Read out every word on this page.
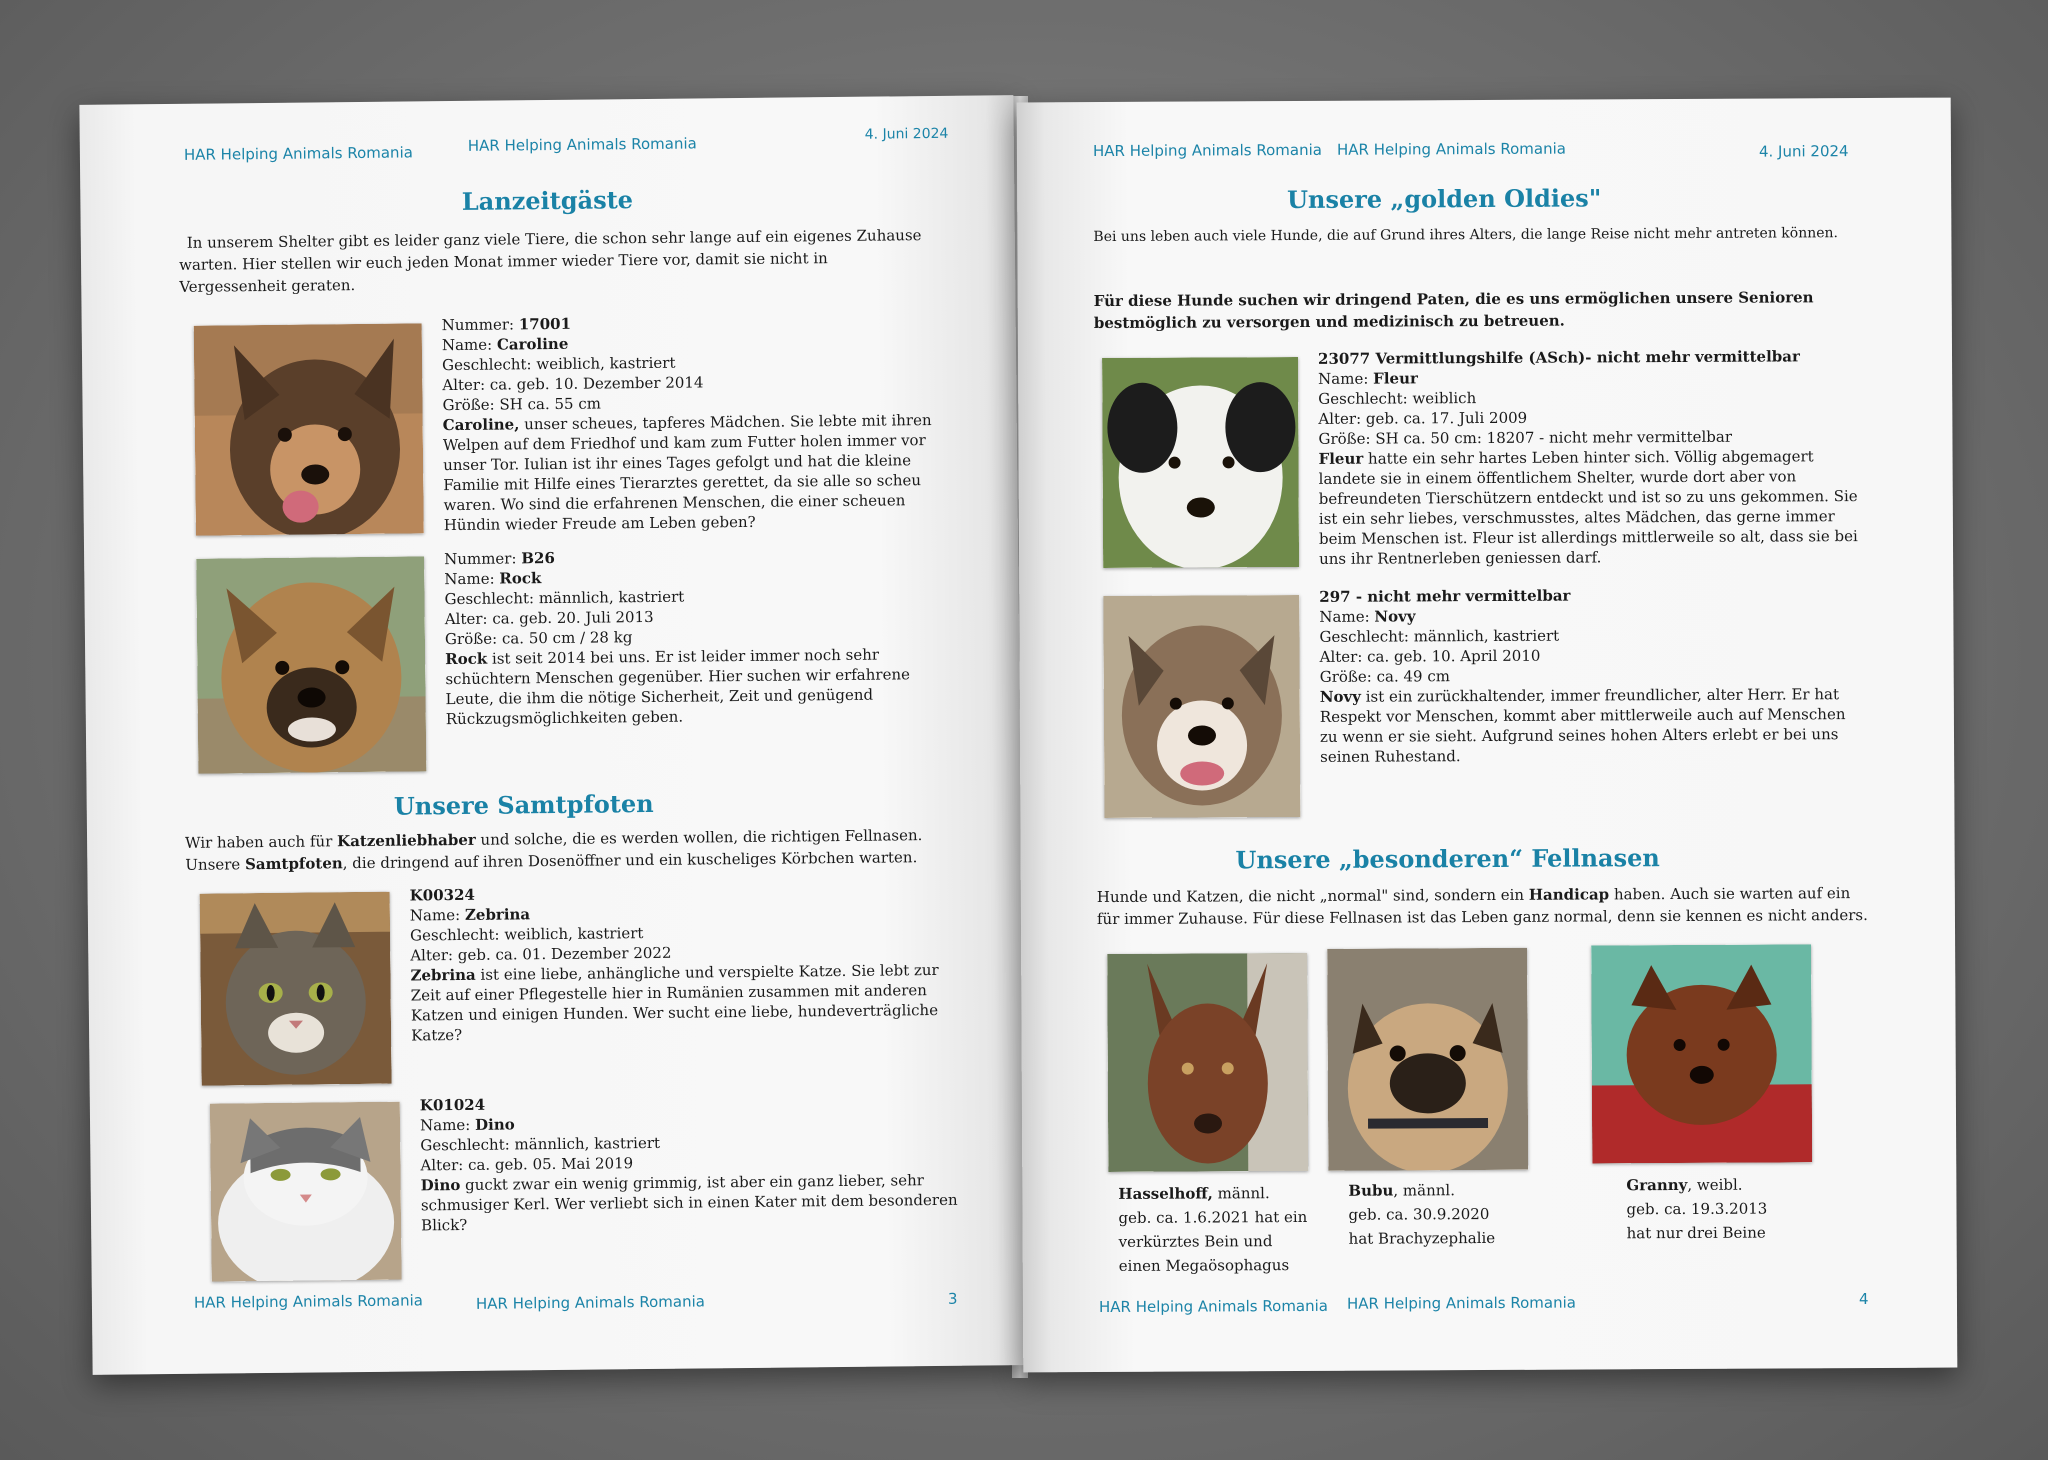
HAR Helping Animals Romania	HAR Helping Animals Romania
4. Juni 2024
Lanzeitgäste
In unserem Shelter gibt es leider ganz viele Tiere, die schon sehr lange auf ein eigenes Zuhause warten. Hier stellen wir euch jeden Monat immer wieder Tiere vor, damit sie nicht in Vergessenheit geraten.
Nummer: 17001
Name: Caroline
Geschlecht: weiblich, kastriert
Alter: ca. geb. 10. Dezember 2014
Größe: SH ca. 55 cm
Caroline, unser scheues, tapferes Mädchen. Sie lebte mit ihren Welpen auf dem Friedhof und kam zum Futter holen immer vor unser Tor. Iulian ist ihr eines Tages gefolgt und hat die kleine Familie mit Hilfe eines Tierarztes gerettet, da sie alle so scheu waren. Wo sind die erfahrenen Menschen, die einer scheuen Hündin wieder Freude am Leben geben?
Nummer: B26
Name: Rock
Geschlecht: männlich, kastriert
Alter: ca. geb. 20. Juli 2013
Größe: ca. 50 cm / 28 kg
Rock ist seit 2014 bei uns. Er ist leider immer noch sehr schüchtern Menschen gegenüber. Hier suchen wir erfahrene Leute, die ihm die nötige Sicherheit, Zeit und genügend Rückzugsmöglichkeiten geben.
Unsere Samtpfoten
Wir haben auch für Katzenliebhaber und solche, die es werden wollen, die richtigen Fellnasen. Unsere Samtpfoten, die dringend auf ihren Dosenöffner und ein kuscheliges Körbchen warten.
K00324
Name: Zebrina
Geschlecht: weiblich, kastriert
Alter: geb. ca. 01. Dezember 2022
Zebrina ist eine liebe, anhängliche und verspielte Katze. Sie lebt zur Zeit auf einer Pflegestelle hier in Rumänien zusammen mit anderen Katzen und einigen Hunden. Wer sucht eine liebe, hundeverträgliche Katze?
K01024
Name: Dino
Geschlecht: männlich, kastriert
Alter: ca. geb. 05. Mai 2019
Dino guckt zwar ein wenig grimmig, ist aber ein ganz lieber, sehr schmusiger Kerl. Wer verliebt sich in einen Kater mit dem besonderen Blick?
HAR Helping Animals Romania	HAR Helping Animals Romania	3
HAR Helping Animals Romania HAR Helping Animals Romania	4. Juni 2024
Unsere „golden Oldies"
Bei uns leben auch viele Hunde, die auf Grund ihres Alters, die lange Reise nicht mehr antreten können.
Für diese Hunde suchen wir dringend Paten, die es uns ermöglichen unsere Senioren bestmöglich zu versorgen und medizinisch zu betreuen.
23077 Vermittlungshilfe (ASch)- nicht mehr vermittelbar
Name: Fleur
Geschlecht: weiblich
Alter: geb. ca. 17. Juli 2009
Größe: SH ca. 50 cm: 18207 - nicht mehr vermittelbar
Fleur hatte ein sehr hartes Leben hinter sich. Völlig abgemagert landete sie in einem öffentlichem Shelter, wurde dort aber von befreundeten Tierschützern entdeckt und ist so zu uns gekommen. Sie ist ein sehr liebes, verschmusstes, altes Mädchen, das gerne immer beim Menschen ist. Fleur ist allerdings mittlerweile so alt, dass sie bei uns ihr Rentnerleben geniessen darf.
297 - nicht mehr vermittelbar
Name: Novy
Geschlecht: männlich, kastriert
Alter: ca. geb. 10. April 2010
Größe: ca. 49 cm
Novy ist ein zurückhaltender, immer freundlicher, alter Herr. Er hat Respekt vor Menschen, kommt aber mittlerweile auch auf Menschen zu wenn er sie sieht. Aufgrund seines hohen Alters erlebt er bei uns seinen Ruhestand.
Unsere „besonderen“ Fellnasen
Hunde und Katzen, die nicht „normal" sind, sondern ein Handicap haben. Auch sie warten auf ein für immer Zuhause. Für diese Fellnasen ist das Leben ganz normal, denn sie kennen es nicht anders.
Hasselhoff, männl.
geb. ca. 1.6.2021 hat ein
verkürztes Bein und
einen Megaösophagus
Bubu, männl.
geb. ca. 30.9.2020
hat Brachyzephalie
Granny, weibl.
geb. ca. 19.3.2013
hat nur drei Beine
HAR Helping Animals Romania HAR Helping Animals Romania	4
